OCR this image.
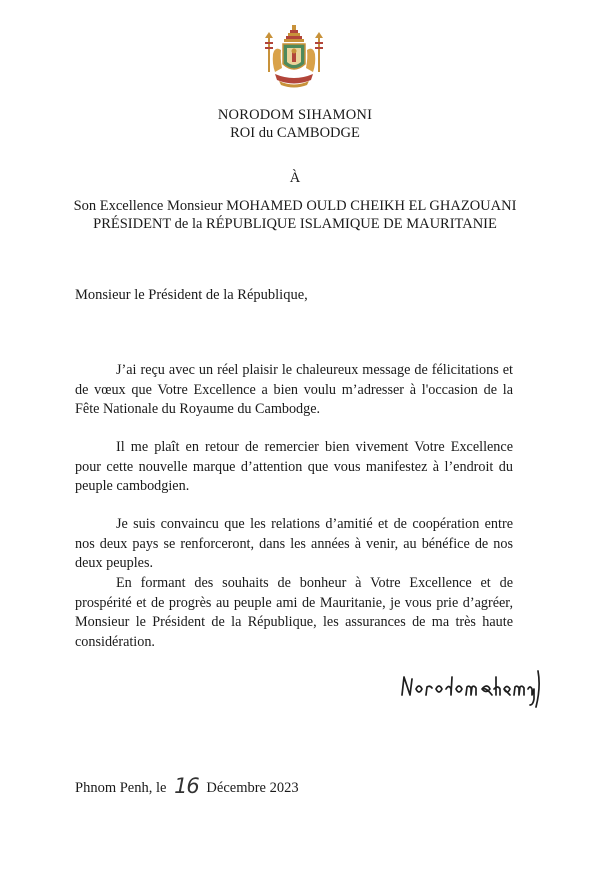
NORODOM SIHAMONI
ROI du CAMBODGE
À
Son Excellence Monsieur MOHAMED OULD CHEIKH EL GHAZOUANI
PRÉSIDENT de la RÉPUBLIQUE ISLAMIQUE DE MAURITANIE
Monsieur le Président de la République,
J’ai reçu avec un réel plaisir le chaleureux message de félicitations et de vœux que Votre Excellence a bien voulu m’adresser à l'occasion de la Fête Nationale du Royaume du Cambodge.
Il me plaît en retour de remercier bien vivement Votre Excellence pour cette nouvelle marque d’attention que vous manifestez à l’endroit du peuple cambodgien.
Je suis convaincu que les relations d’amitié et de coopération entre nos deux pays se renforceront, dans les années à venir, au bénéfice de nos deux peuples.
En formant des souhaits de bonheur à Votre Excellence et de prospérité et de progrès au peuple ami de Mauritanie, je vous prie d’agréer, Monsieur le Président de la République, les assurances de ma très haute considération.
Phnom Penh, le 16 Décembre 2023
